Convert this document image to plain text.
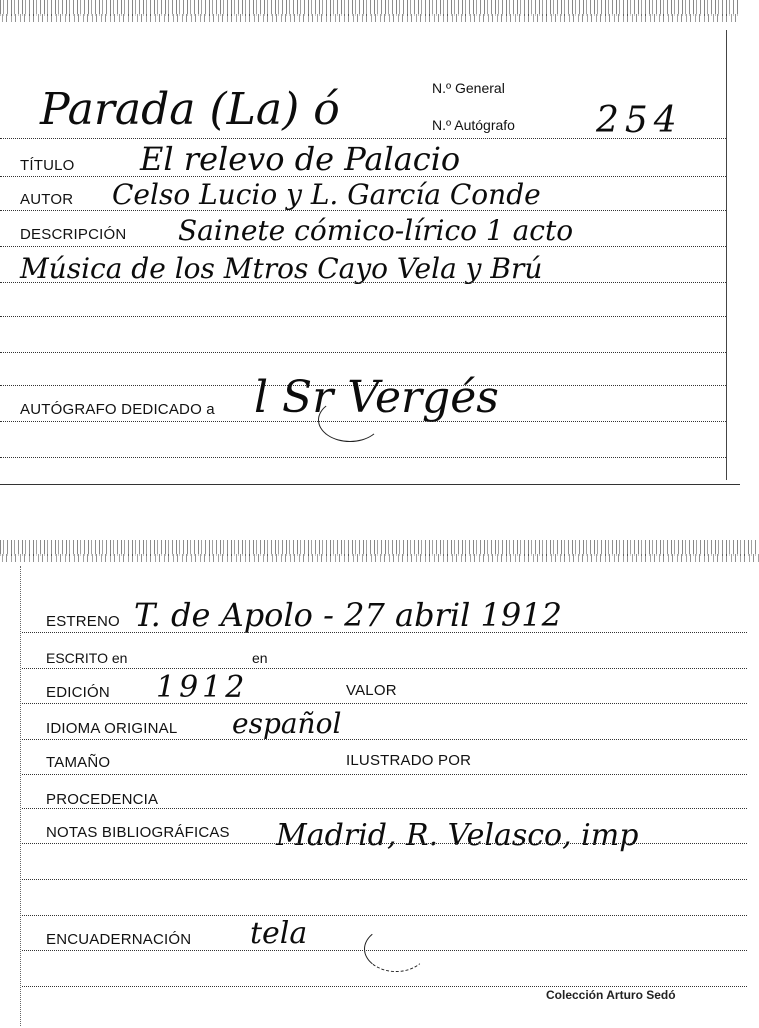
N.º General
N.º Autógrafo 254
Parada (La) ó
TÍTULO El relevo de Palacio
AUTOR Celso Lucio y L. García Conde
DESCRIPCIÓN Sainete cómico-lírico 1 acto
Música de los Mtros Cayo Vela y Brú
AUTÓGRAFO DEDICADO a l Sr Vergés
ESTRENO T. de Apolo - 27 abril 1912
ESCRITO en	en
EDICIÓN 1912	VALOR
IDIOMA ORIGINAL español
TAMAÑO	ILUSTRADO POR
PROCEDENCIA
NOTAS BIBLIOGRÁFICAS Madrid, R. Velasco, imp
ENCUADERNACIÓN tela
Colección Arturo Sedó
